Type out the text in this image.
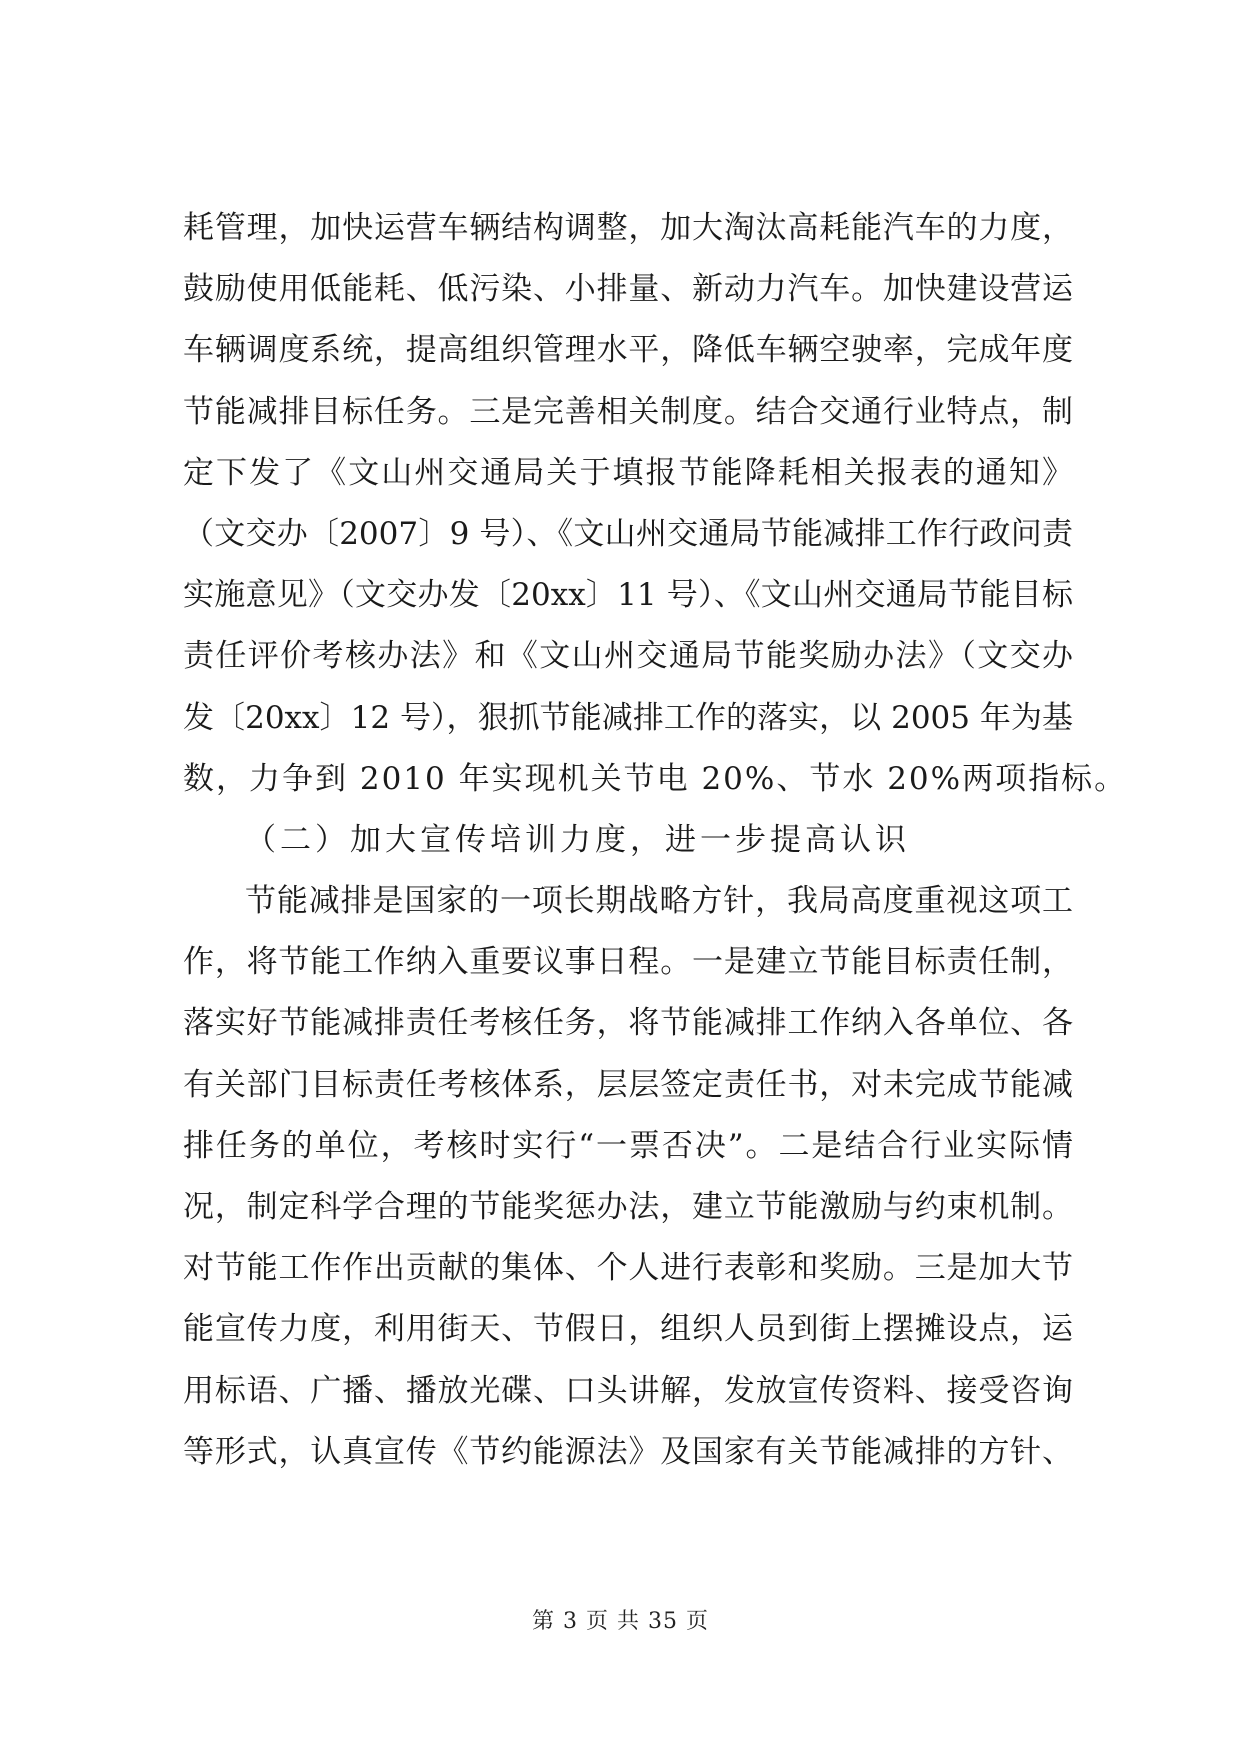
耗管理，加快运营车辆结构调整，加大淘汰高耗能汽车的力度，
鼓励使用低能耗、低污染、小排量、新动力汽车。加快建设营运
车辆调度系统，提高组织管理水平，降低车辆空驶率，完成年度
节能减排目标任务。三是完善相关制度。结合交通行业特点，制
定下发了《文山州交通局关于填报节能降耗相关报表的通知》
（文交办〔2007〕9 号）、《文山州交通局节能减排工作行政问责
实施意见》（文交办发〔20xx〕11 号）、《文山州交通局节能目标
责任评价考核办法》和《文山州交通局节能奖励办法》（文交办
发〔20xx〕12 号），狠抓节能减排工作的落实，以 2005 年为基
数，力争到 2010 年实现机关节电 20%、节水 20%两项指标。
（二）加大宣传培训力度，进一步提高认识
节能减排是国家的一项长期战略方针，我局高度重视这项工
作，将节能工作纳入重要议事日程。一是建立节能目标责任制，
落实好节能减排责任考核任务，将节能减排工作纳入各单位、各
有关部门目标责任考核体系，层层签定责任书，对未完成节能减
排任务的单位，考核时实行“一票否决”。二是结合行业实际情
况，制定科学合理的节能奖惩办法，建立节能激励与约束机制。
对节能工作作出贡献的集体、个人进行表彰和奖励。三是加大节
能宣传力度，利用街天、节假日，组织人员到街上摆摊设点，运
用标语、广播、播放光碟、口头讲解，发放宣传资料、接受咨询
等形式，认真宣传《节约能源法》及国家有关节能减排的方针、
第 3 页 共 35 页
